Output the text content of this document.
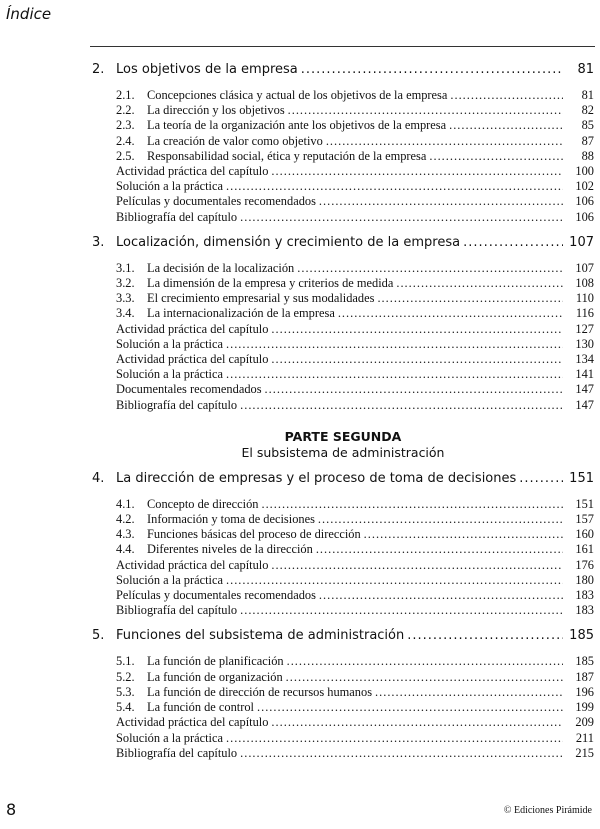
Índice
2. Los objetivos de la empresa .....	81
2.1.	Concepciones clásica y actual de los objetivos de la empresa .....	81
2.2.	La dirección y los objetivos .....	82
2.3.	La teoría de la organización ante los objetivos de la empresa .....	85
2.4.	La creación de valor como objetivo .....	87
2.5.	Responsabilidad social, ética y reputación de la empresa .....	88
Actividad práctica del capítulo .....	100
Solución a la práctica .....	102
Películas y documentales recomendados .....	106
Bibliografía del capítulo .....	106
3. Localización, dimensión y crecimiento de la empresa .....	107
3.1.	La decisión de la localización .....	107
3.2.	La dimensión de la empresa y criterios de medida .....	108
3.3.	El crecimiento empresarial y sus modalidades .....	110
3.4.	La internacionalización de la empresa .....	116
Actividad práctica del capítulo .....	127
Solución a la práctica .....	130
Actividad práctica del capítulo .....	134
Solución a la práctica .....	141
Documentales recomendados .....	147
Bibliografía del capítulo .....	147
PARTE SEGUNDA
El subsistema de administración
4. La dirección de empresas y el proceso de toma de decisiones .....	151
4.1.	Concepto de dirección .....	151
4.2.	Información y toma de decisiones .....	157
4.3.	Funciones básicas del proceso de dirección .....	160
4.4.	Diferentes niveles de la dirección .....	161
Actividad práctica del capítulo .....	176
Solución a la práctica .....	180
Películas y documentales recomendados .....	183
Bibliografía del capítulo .....	183
5. Funciones del subsistema de administración .....	185
5.1.	La función de planificación .....	185
5.2.	La función de organización .....	187
5.3.	La función de dirección de recursos humanos .....	196
5.4.	La función de control .....	199
Actividad práctica del capítulo .....	209
Solución a la práctica .....	211
Bibliografía del capítulo .....	215
8	© Ediciones Pirámide
